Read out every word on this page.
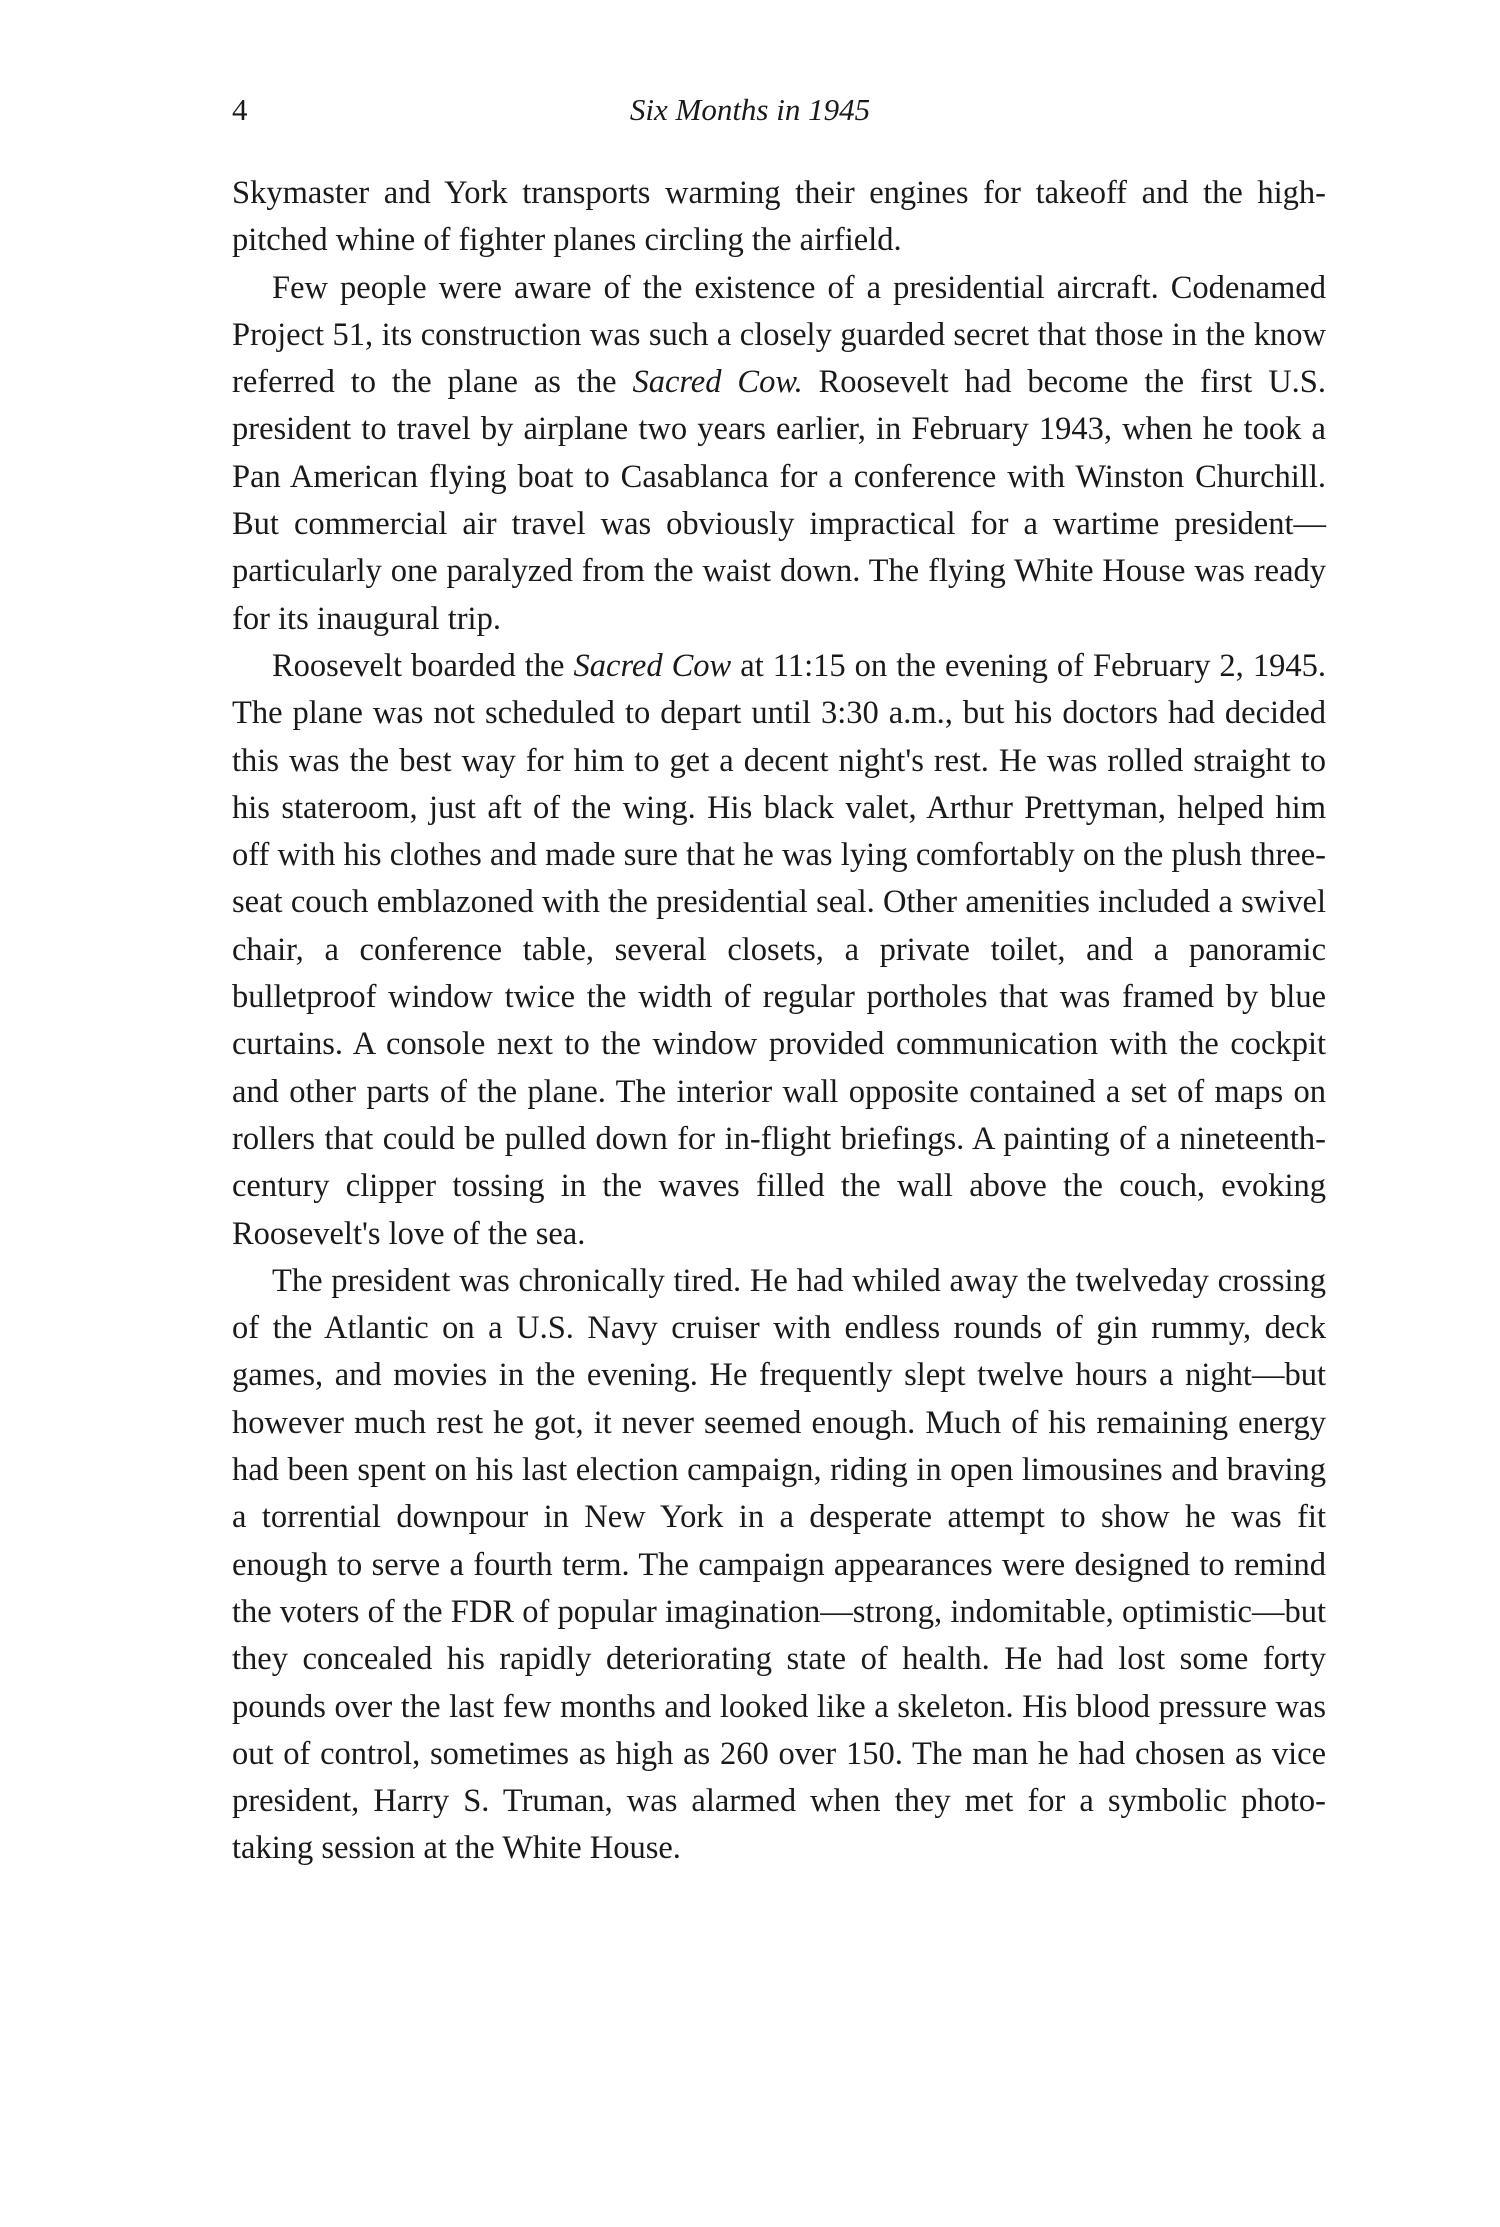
4	Six Months in 1945

Skymaster and York transports warming their engines for takeoff and the high-pitched whine of fighter planes circling the airfield.

Few people were aware of the existence of a presidential aircraft. Codenamed Project 51, its construction was such a closely guarded secret that those in the know referred to the plane as the Sacred Cow. Roosevelt had become the first U.S. president to travel by airplane two years earlier, in February 1943, when he took a Pan American flying boat to Casablanca for a conference with Winston Churchill. But commercial air travel was obviously impractical for a wartime president—particularly one paralyzed from the waist down. The flying White House was ready for its inaugural trip.

Roosevelt boarded the Sacred Cow at 11:15 on the evening of February 2, 1945. The plane was not scheduled to depart until 3:30 a.m., but his doctors had decided this was the best way for him to get a decent night's rest. He was rolled straight to his stateroom, just aft of the wing. His black valet, Arthur Prettyman, helped him off with his clothes and made sure that he was lying comfortably on the plush three-seat couch emblazoned with the presidential seal. Other amenities included a swivel chair, a conference table, several closets, a private toilet, and a panoramic bulletproof window twice the width of regular portholes that was framed by blue curtains. A console next to the window provided communication with the cockpit and other parts of the plane. The interior wall opposite contained a set of maps on rollers that could be pulled down for in-flight briefings. A painting of a nineteenth-century clipper tossing in the waves filled the wall above the couch, evoking Roosevelt's love of the sea.

The president was chronically tired. He had whiled away the twelveday crossing of the Atlantic on a U.S. Navy cruiser with endless rounds of gin rummy, deck games, and movies in the evening. He frequently slept twelve hours a night—but however much rest he got, it never seemed enough. Much of his remaining energy had been spent on his last election campaign, riding in open limousines and braving a torrential downpour in New York in a desperate attempt to show he was fit enough to serve a fourth term. The campaign appearances were designed to remind the voters of the FDR of popular imagination—strong, indomitable, optimistic—but they concealed his rapidly deteriorating state of health. He had lost some forty pounds over the last few months and looked like a skeleton. His blood pressure was out of control, sometimes as high as 260 over 150. The man he had chosen as vice president, Harry S. Truman, was alarmed when they met for a symbolic photo-taking session at the White House.
